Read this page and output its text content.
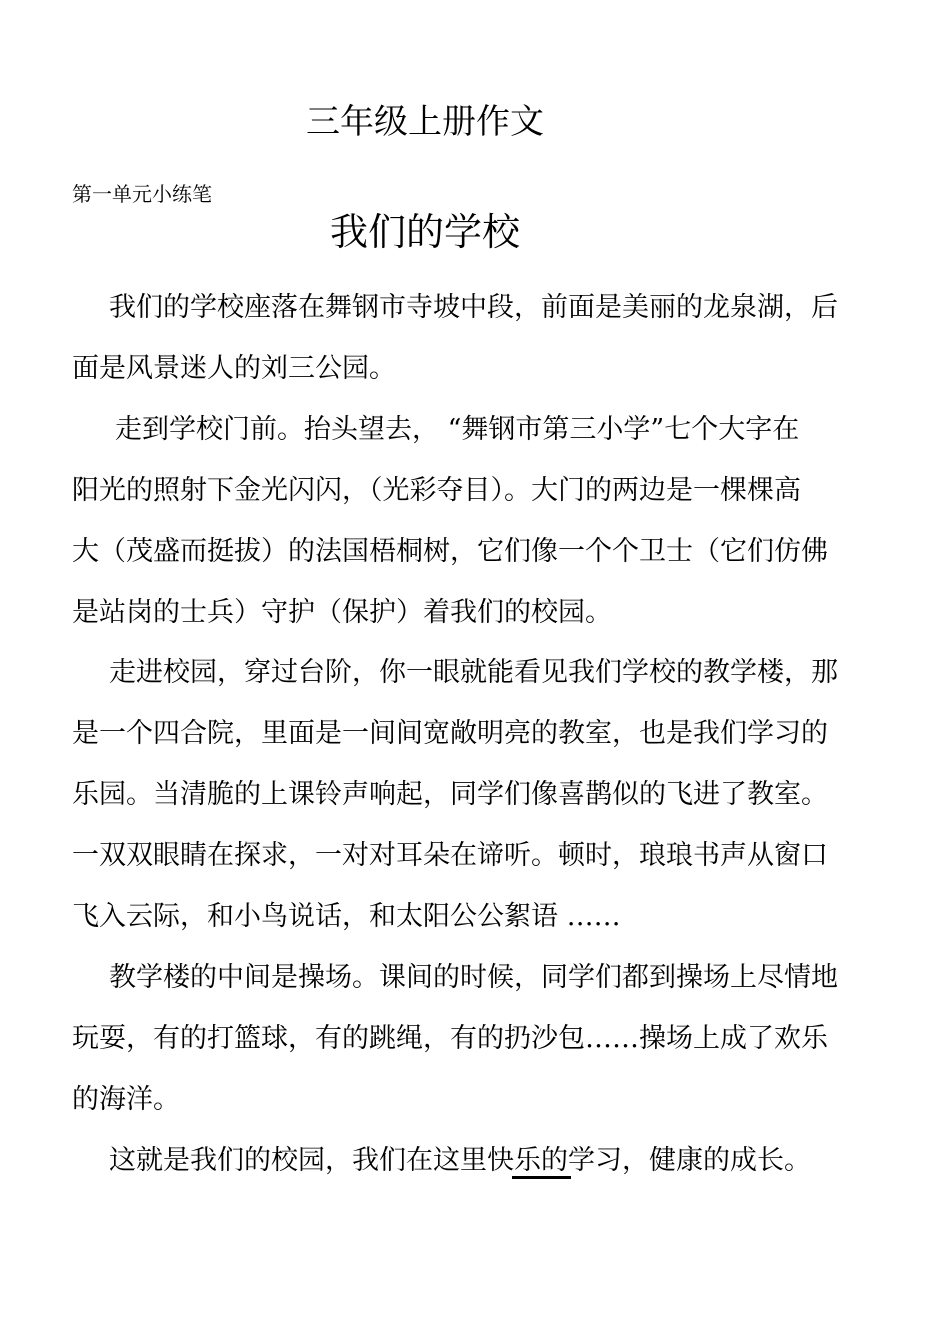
三年级上册作文
第一单元小练笔
我们的学校

我们的学校座落在舞钢市寺坡中段，前面是美丽的龙泉湖，后
面是风景迷人的刘三公园。

走到学校门前。抬头望去， “舞钢市第三小学”七个大字在
阳光的照射下金光闪闪，（光彩夺目）。大门的两边是一棵棵高
大（茂盛而挺拔）的法国梧桐树，它们像一个个卫士（它们仿佛
是站岗的士兵）守护（保护）着我们的校园。

走进校园，穿过台阶，你一眼就能看见我们学校的教学楼，那
是一个四合院，里面是一间间宽敞明亮的教室，也是我们学习的
乐园。当清脆的上课铃声响起，同学们像喜鹊似的飞进了教室。
一双双眼睛在探求，一对对耳朵在谛听。顿时，琅琅书声从窗口
飞入云际，和小鸟说话，和太阳公公絮语 ……

教学楼的中间是操场。课间的时候，同学们都到操场上尽情地
玩耍，有的打篮球，有的跳绳，有的扔沙包……操场上成了欢乐
的海洋。

这就是我们的校园，我们在这里快乐的学习，健康的成长。
